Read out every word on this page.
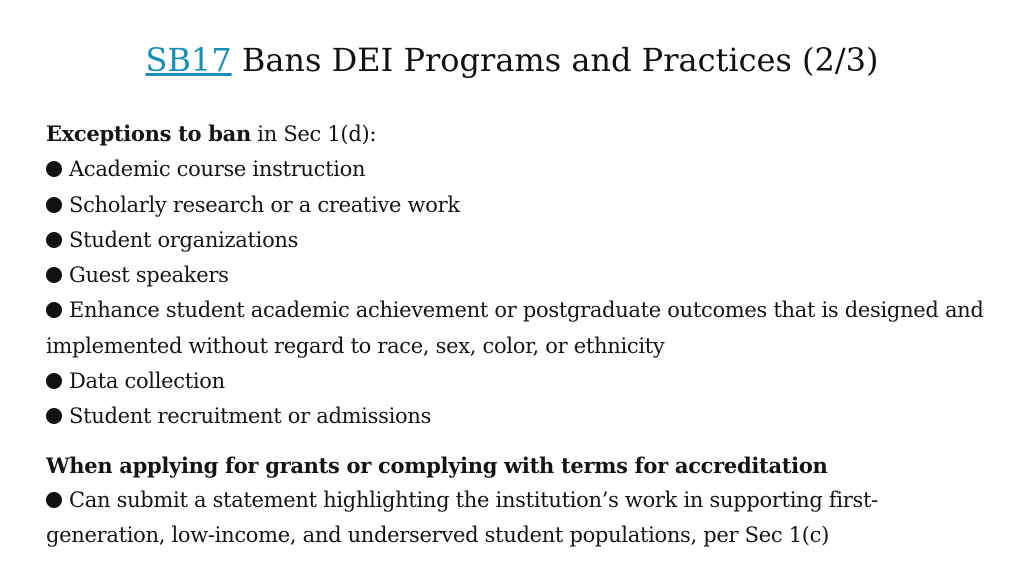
SB17 Bans DEI Programs and Practices (2/3)
Exceptions to ban in Sec 1(d):
Academic course instruction
Scholarly research or a creative work
Student organizations
Guest speakers
Enhance student academic achievement or postgraduate outcomes that is designed and
implemented without regard to race, sex, color, or ethnicity
Data collection
Student recruitment or admissions
When applying for grants or complying with terms for accreditation
Can submit a statement highlighting the institution’s work in supporting first-
generation, low-income, and underserved student populations, per Sec 1(c)
